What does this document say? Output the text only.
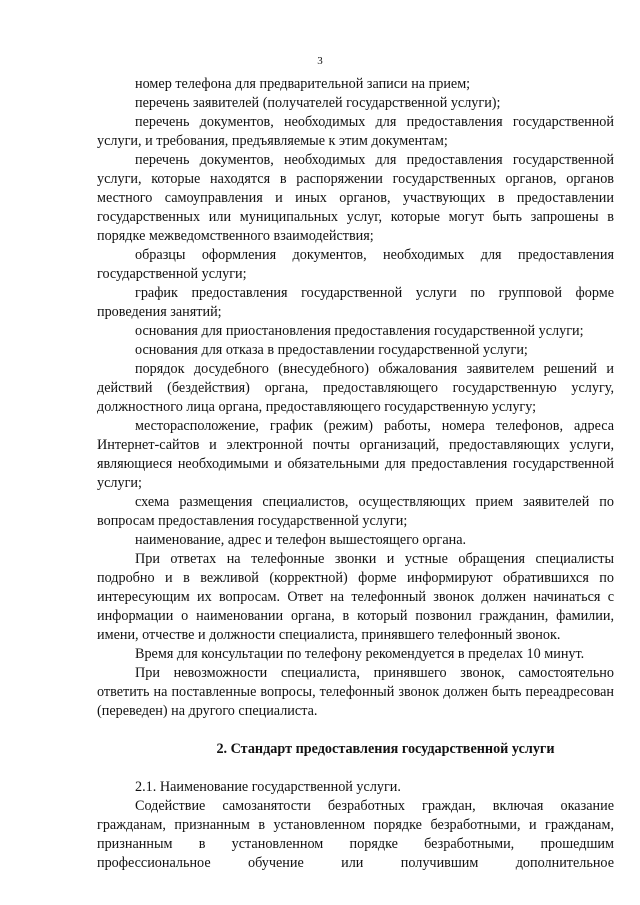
3

номер телефона для предварительной записи на прием;

перечень заявителей (получателей государственной услуги);

перечень документов, необходимых для предоставления государственной услуги, и требования, предъявляемые к этим документам;

перечень документов, необходимых для предоставления государственной услуги, которые находятся в распоряжении государственных органов, органов местного самоуправления и иных органов, участвующих в предоставлении государственных или муниципальных услуг, которые могут быть запрошены в порядке межведомственного взаимодействия;

образцы оформления документов, необходимых для предоставления государственной услуги;

график предоставления государственной услуги по групповой форме проведения занятий;

основания для приостановления предоставления государственной услуги;

основания для отказа в предоставлении государственной услуги;

порядок досудебного (внесудебного) обжалования заявителем решений и действий (бездействия) органа, предоставляющего государственную услугу, должностного лица органа, предоставляющего государственную услугу;

месторасположение, график (режим) работы, номера телефонов, адреса Интернет-сайтов и электронной почты организаций, предоставляющих услуги, являющиеся необходимыми и обязательными для предоставления государственной услуги;

схема размещения специалистов, осуществляющих прием заявителей по вопросам предоставления государственной услуги;

наименование, адрес и телефон вышестоящего органа.

При ответах на телефонные звонки и устные обращения специалисты подробно и в вежливой (корректной) форме информируют обратившихся по интересующим их вопросам. Ответ на телефонный звонок должен начинаться с информации о наименовании органа, в который позвонил гражданин, фамилии, имени, отчестве и должности специалиста, принявшего телефонный звонок.

Время для консультации по телефону рекомендуется в пределах 10 минут.

При невозможности специалиста, принявшего звонок, самостоятельно ответить на поставленные вопросы, телефонный звонок должен быть переадресован (переведен) на другого специалиста.

2. Стандарт предоставления государственной услуги

2.1. Наименование государственной услуги.

Содействие самозанятости безработных граждан, включая оказание гражданам, признанным в установленном порядке безработными, и гражданам, признанным в установленном порядке безработными, прошедшим профессиональное обучение или получившим дополнительное
